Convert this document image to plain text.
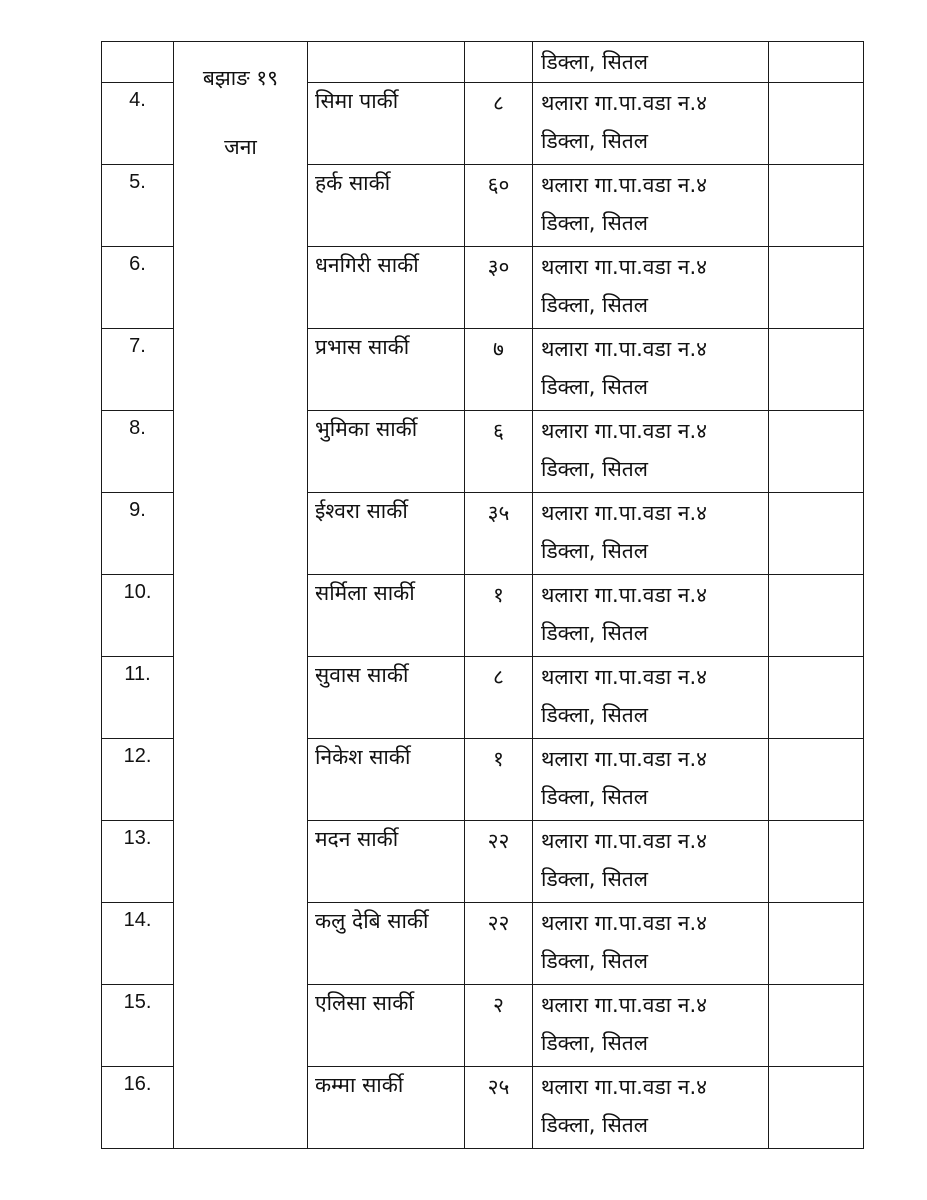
	बझाङ १९
जना			डिक्ला, सितल	

4.		सिमा पार्की	८	थलारा गा.पा.वडा न.४
डिक्ला, सितल	

5.		हर्क सार्की	६०	थलारा गा.पा.वडा न.४
डिक्ला, सितल	

6.		धनगिरी सार्की	३०	थलारा गा.पा.वडा न.४
डिक्ला, सितल	

7.		प्रभास सार्की	७	थलारा गा.पा.वडा न.४
डिक्ला, सितल	

8.		भुमिका सार्की	६	थलारा गा.पा.वडा न.४
डिक्ला, सितल	

9.		ईश्वरा सार्की	३५	थलारा गा.पा.वडा न.४
डिक्ला, सितल	

10.		सर्मिला सार्की	१	थलारा गा.पा.वडा न.४
डिक्ला, सितल	

11.		सुवास सार्की	८	थलारा गा.पा.वडा न.४
डिक्ला, सितल	

12.		निकेश सार्की	१	थलारा गा.पा.वडा न.४
डिक्ला, सितल	

13.		मदन सार्की	२२	थलारा गा.पा.वडा न.४
डिक्ला, सितल	

14.		कलु देबि सार्की	२२	थलारा गा.पा.वडा न.४
डिक्ला, सितल	

15.		एलिसा सार्की	२	थलारा गा.पा.वडा न.४
डिक्ला, सितल	

16.		कम्मा सार्की	२५	थलारा गा.पा.वडा न.४
डिक्ला, सितल	
